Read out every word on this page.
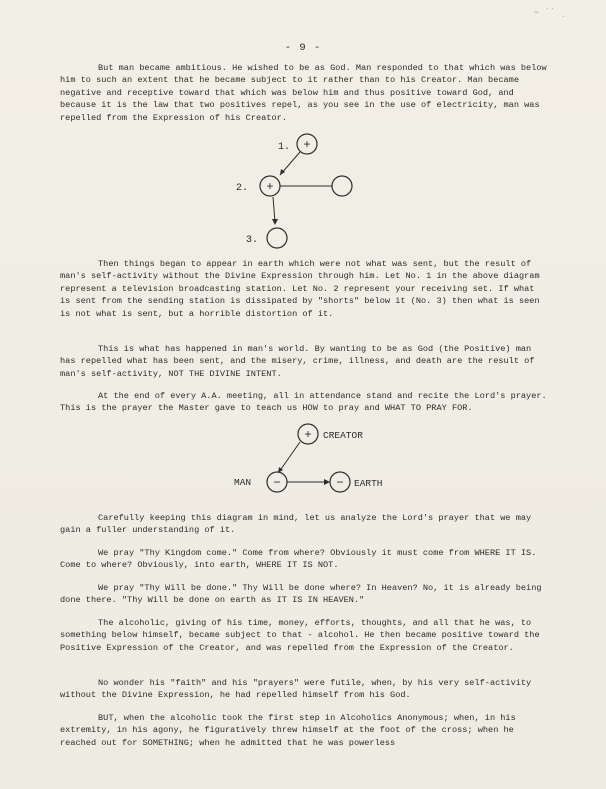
~ ˙ˊ ˏ
- 9 -

But man became ambitious. He wished to be as God. Man responded to that which was below him to such an extent that he became subject to it rather than to his Creator. Man became negative and receptive toward that which was below him and thus positive toward God, and because it is the law that two positives repel, as you see in the use of electricity, man was repelled from the Expression of his Creator.

1. +
2. +
3.

Then things began to appear in earth which were not what was sent, but the result of man's self-activity without the Divine Expression through him. Let No. 1 in the above diagram represent a television broadcasting station. Let No. 2 represent your receiving set. If what is sent from the sending station is dissipated by "shorts" below it (No. 3) then what is seen is not what is sent, but a horrible distortion of it.

This is what has happened in man's world. By wanting to be as God (the Positive) man has repelled what has been sent, and the misery, crime, illness, and death are the result of man's self-activity, NOT THE DIVINE INTENT.

At the end of every A.A. meeting, all in attendance stand and recite the Lord's prayer. This is the prayer the Master gave to teach us HOW to pray and WHAT TO PRAY FOR.

+ CREATOR
MAN −	− EARTH

Carefully keeping this diagram in mind, let us analyze the Lord's prayer that we may gain a fuller understanding of it.

We pray "Thy Kingdom come." Come from where? Obviously it must come from WHERE IT IS. Come to where? Obviously, into earth, WHERE IT IS NOT.

We pray "Thy Will be done." Thy Will be done where? In Heaven? No, it is already being done there. "Thy Will be done on earth as IT IS IN HEAVEN."

The alcoholic, giving of his time, money, efforts, thoughts, and all that he was, to something below himself, became subject to that - alcohol. He then became positive toward the Positive Expression of the Creator, and was repelled from the Expression of the Creator.

No wonder his "faith" and his "prayers" were futile, when, by his very self-activity without the Divine Expression, he had repelled himself from his God.

BUT, when the alcoholic took the first step in Alcoholics Anonymous; when, in his extremity, in his agony, he figuratively threw himself at the foot of the cross; when he reached out for SOMETHING; when he admitted that he was powerless
